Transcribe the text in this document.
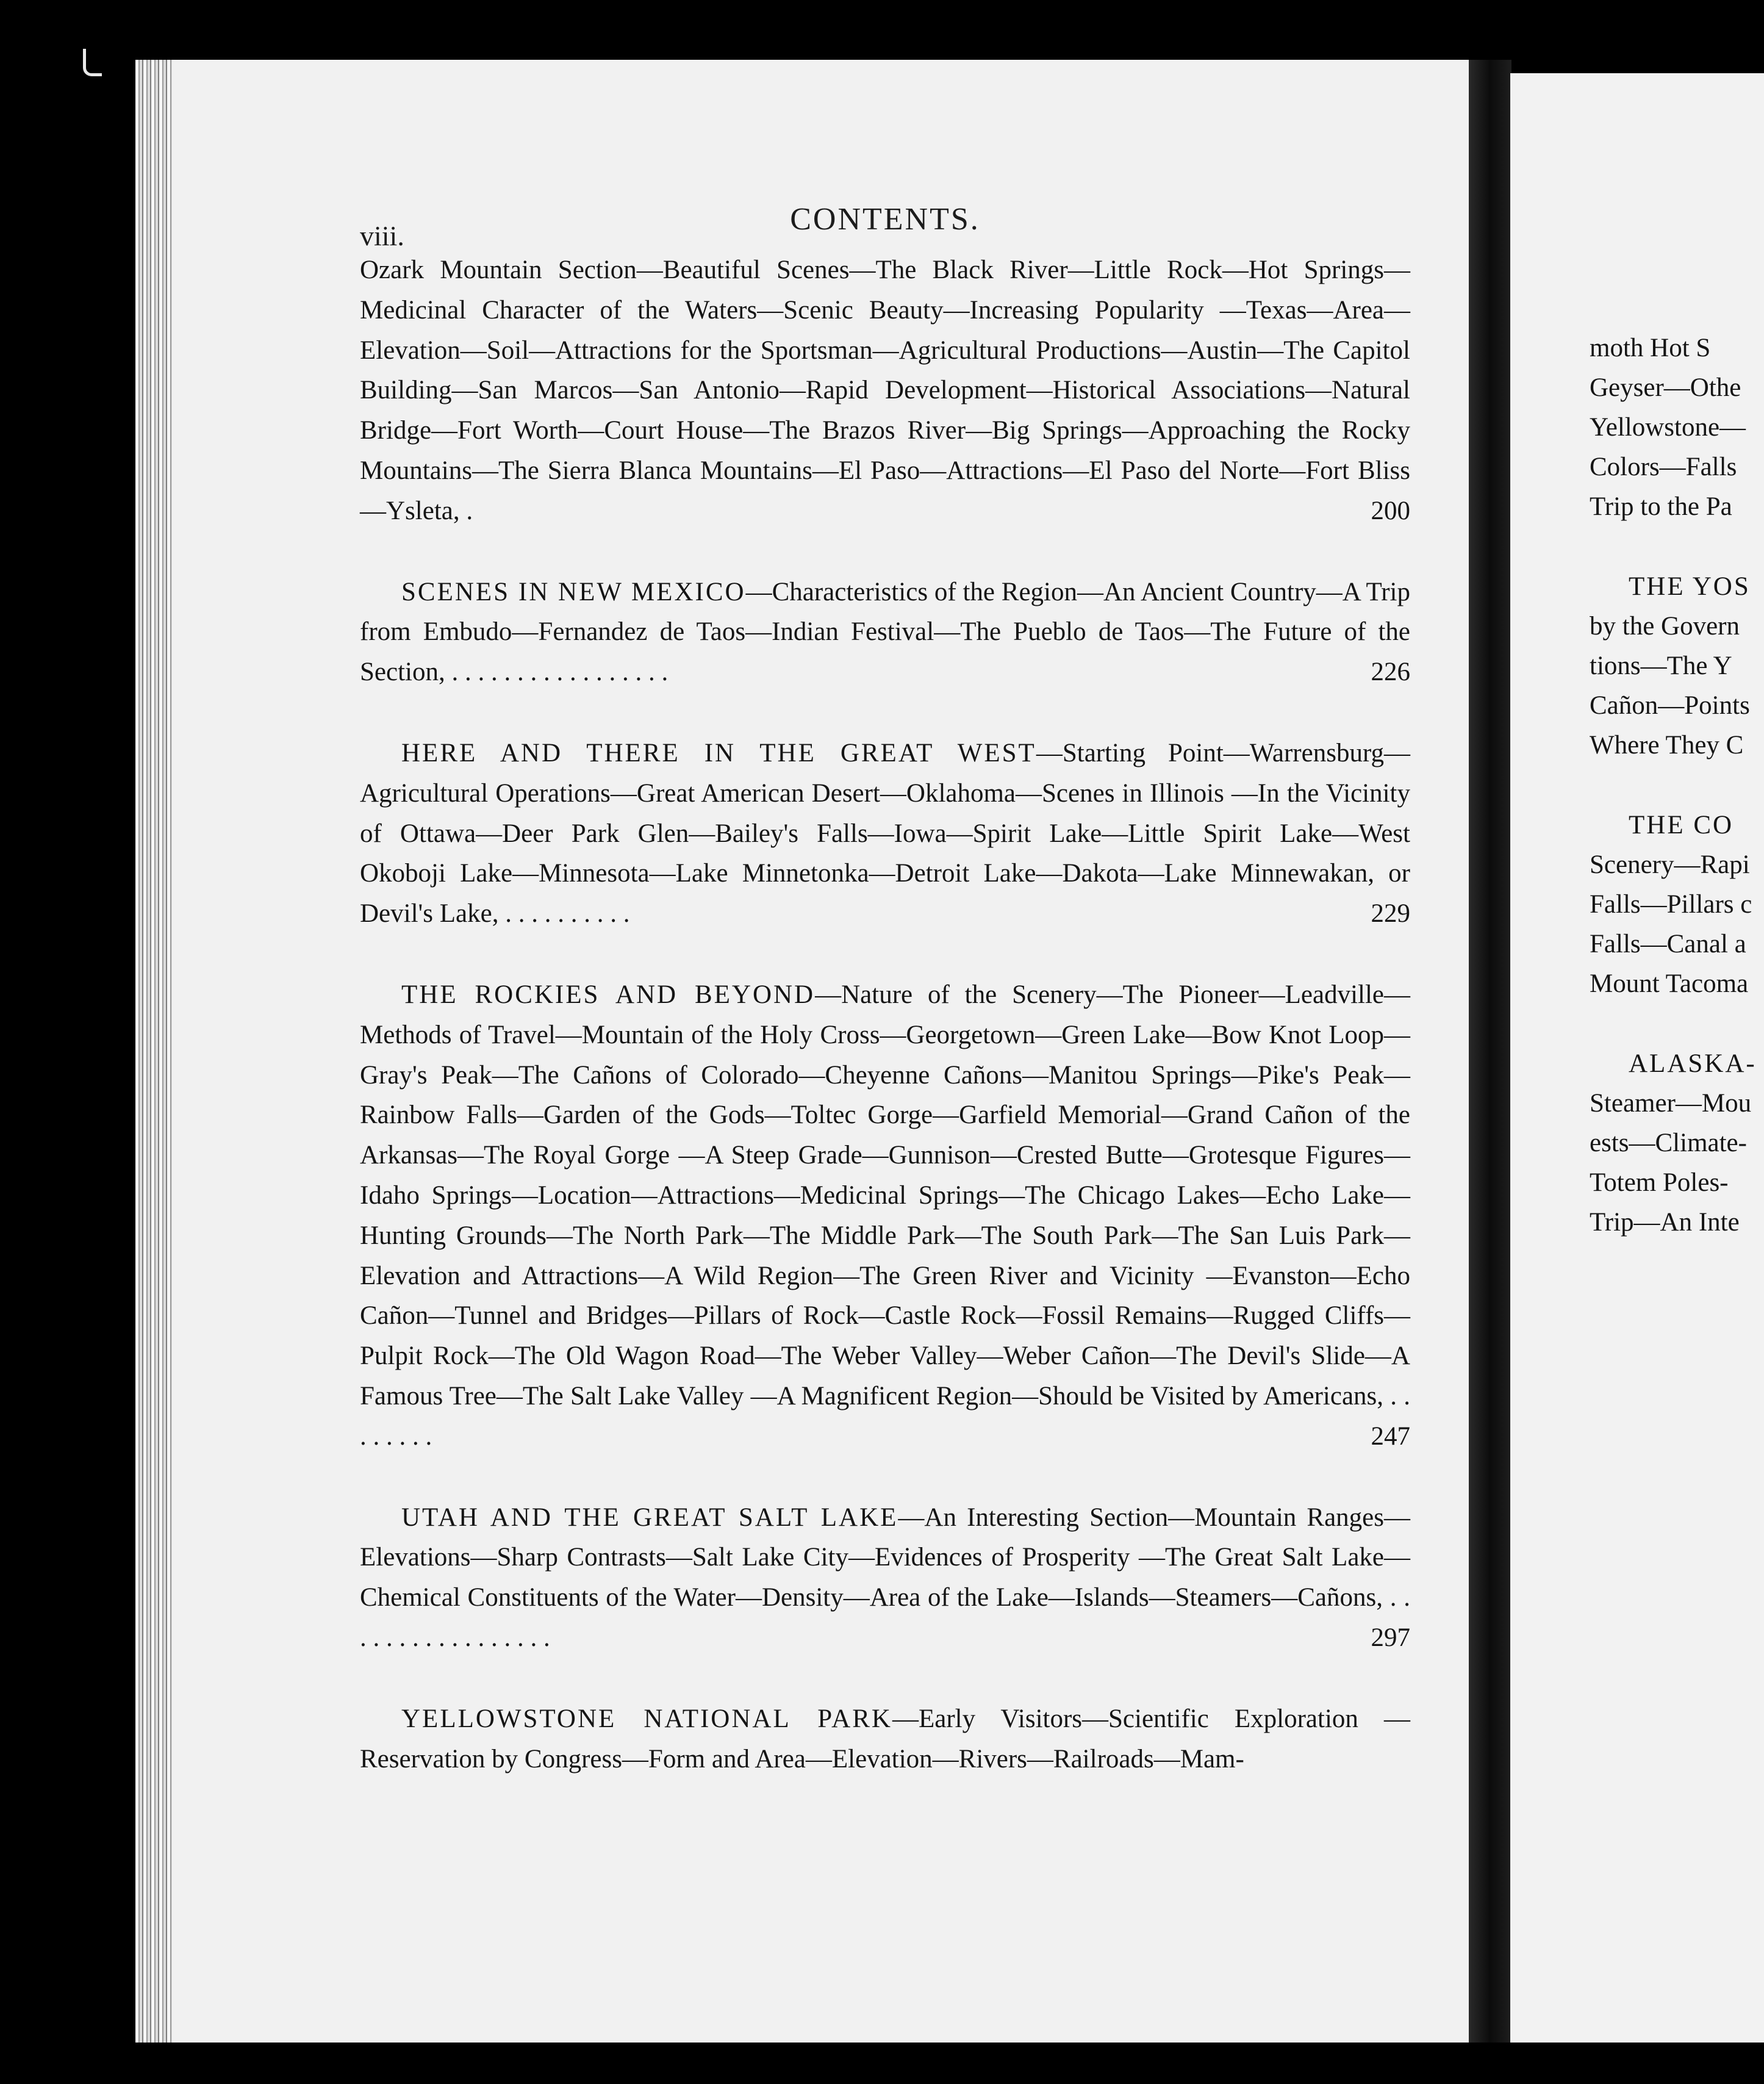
viii.	CONTENTS.
Ozark Mountain Section—Beautiful Scenes—The Black River—Little Rock—Hot Springs—Medicinal Character of the Waters—Scenic Beauty—Increasing Popularity —Texas—Area—Elevation—Soil—Attractions for the Sportsman—Agricultural Productions—Austin—The Capitol Building—San Marcos—San Antonio—Rapid Development—Historical Associations—Natural Bridge—Fort Worth—Court House—The Brazos River—Big Springs—Approaching the Rocky Mountains—The Sierra Blanca Mountains—El Paso—Attractions—El Paso del Norte—Fort Bliss—Ysleta, .	200
SCENES IN NEW MEXICO—Characteristics of the Region—An Ancient Country—A Trip from Embudo—Fernandez de Taos—Indian Festival—The Pueblo de Taos—The Future of the Section, . . . . . . . . . . . . . . . . .	226
HERE AND THERE IN THE GREAT WEST—Starting Point—Warrensburg—Agricultural Operations—Great American Desert—Oklahoma—Scenes in Illinois —In the Vicinity of Ottawa—Deer Park Glen—Bailey's Falls—Iowa—Spirit Lake—Little Spirit Lake—West Okoboji Lake—Minnesota—Lake Minnetonka—Detroit Lake—Dakota—Lake Minnewakan, or Devil's Lake, . . . . . . . . . .	229
THE ROCKIES AND BEYOND—Nature of the Scenery—The Pioneer—Leadville—Methods of Travel—Mountain of the Holy Cross—Georgetown—Green Lake—Bow Knot Loop—Gray's Peak—The Cañons of Colorado—Cheyenne Cañons—Manitou Springs—Pike's Peak—Rainbow Falls—Garden of the Gods—Toltec Gorge—Garfield Memorial—Grand Cañon of the Arkansas—The Royal Gorge —A Steep Grade—Gunnison—Crested Butte—Grotesque Figures—Idaho Springs—Location—Attractions—Medicinal Springs—The Chicago Lakes—Echo Lake—Hunting Grounds—The North Park—The Middle Park—The South Park—The San Luis Park—Elevation and Attractions—A Wild Region—The Green River and Vicinity —Evanston—Echo Cañon—Tunnel and Bridges—Pillars of Rock—Castle Rock—Fossil Remains—Rugged Cliffs—Pulpit Rock—The Old Wagon Road—The Weber Valley—Weber Cañon—The Devil's Slide—A Famous Tree—The Salt Lake Valley —A Magnificent Region—Should be Visited by Americans, . . . . . . . .	247
UTAH AND THE GREAT SALT LAKE—An Interesting Section—Mountain Ranges—Elevations—Sharp Contrasts—Salt Lake City—Evidences of Prosperity —The Great Salt Lake—Chemical Constituents of the Water—Density—Area of the Lake—Islands—Steamers—Cañons, . . . . . . . . . . . . . . . . .	297
YELLOWSTONE NATIONAL PARK—Early Visitors—Scientific Exploration —Reservation by Congress—Form and Area—Elevation—Rivers—Railroads—Mam-
moth Hot S
Geyser—Othe
Yellowstone—
Colors—Falls
Trip to the Pa
THE YOS
by the Govern
tions—The Y
Cañon—Points
Where They C
THE CO
Scenery—Rapi
Falls—Pillars c
Falls—Canal a
Mount Tacoma
ALASKA-
Steamer—Mou
ests—Climate-
Totem Poles-
Trip—An Inte
